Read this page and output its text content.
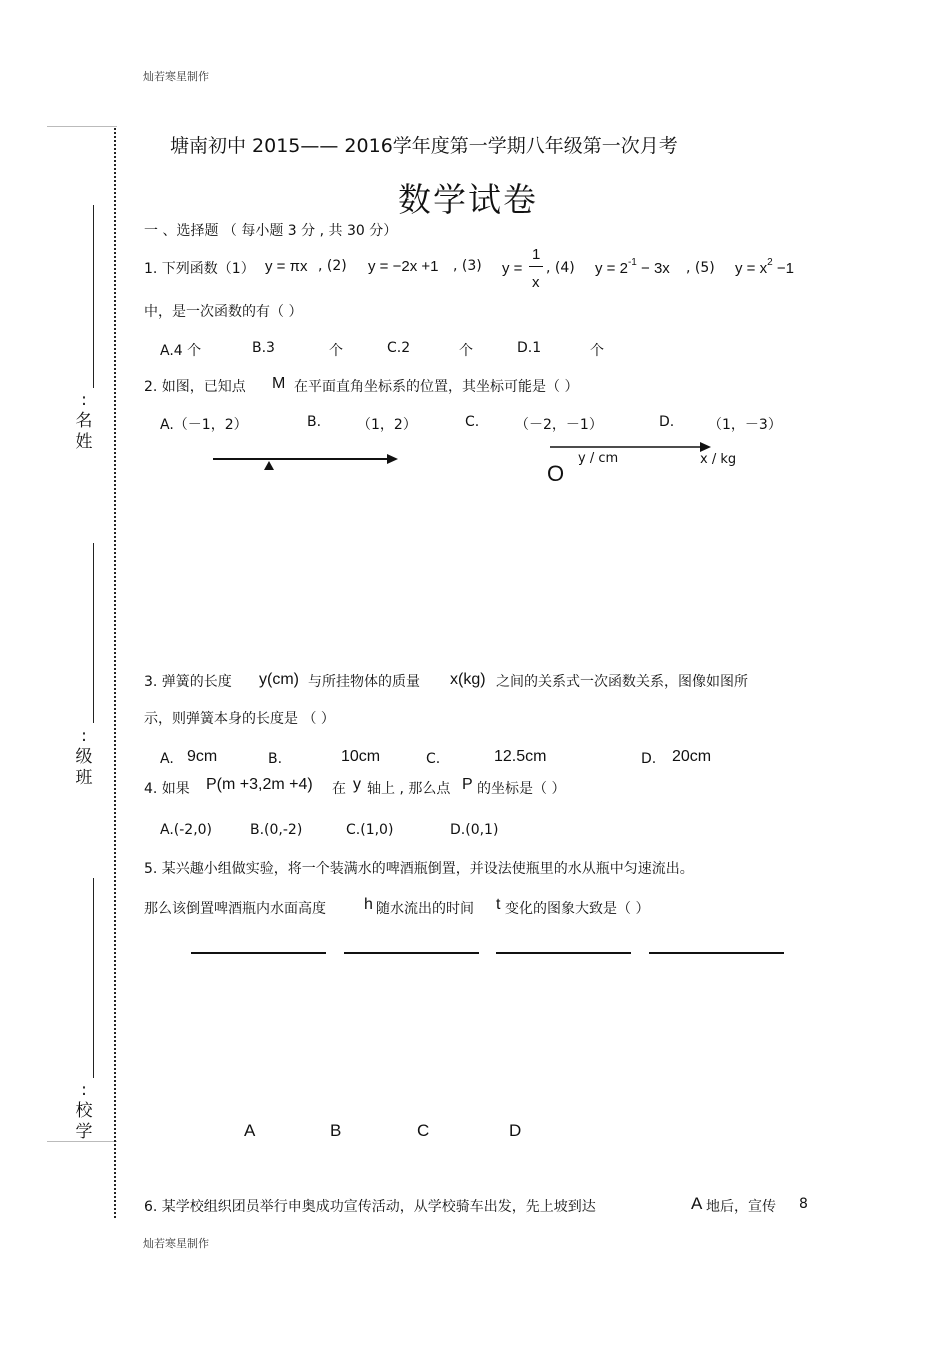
灿若寒星制作
灿若寒星制作
:名姓
:级班
:校学
塘南初中 2015—— 2016学年度第一学期八年级第一次月考
数学试卷
一 、选择题 （ 每小题 3 分 , 共 30 分）
1. 下列函数（1） y = πx , (2) y = −2x +1 , (3) y =
1
x
, (4) $y = 2^{-1} - 3x$ , (5) $y = x^2 -1$
中，是一次函数的有（ ）
A.4 个	B.3	个	C.2	个	D.1	个
2. 如图，已知点 M 在平面直角坐标系的位置，其坐标可能是（ ）
A.（－1，2）	B.	（1，2）	C.	（－2，－1）	D. （1，－3）
O
y / cm	x / kg
3. 弹簧的长度 y(cm) 与所挂物体的质量 x(kg) 之间的关系式一次函数关系，图像如图所
示，则弹簧本身的长度是 （ ）
A. 9cm	B.	10cm	C.	12.5cm	D. 20cm
4. 如果 P(m +3,2m +4) 在 y 轴上 , 那么点 P 的坐标是（ ）
A.(-2,0)	B.(0,-2)	C.(1,0)	D.(0,1)
5. 某兴趣小组做实验，将一个装满水的啤酒瓶倒置，并设法使瓶里的水从瓶中匀速流出。
那么该倒置啤酒瓶内水面高度 h 随水流出的时间 t 变化的图象大致是（ ）
A	B	C	D
6. 某学校组织团员举行申奥成功宣传活动，从学校骑车出发，先上坡到达	A 地后，宣传 8
